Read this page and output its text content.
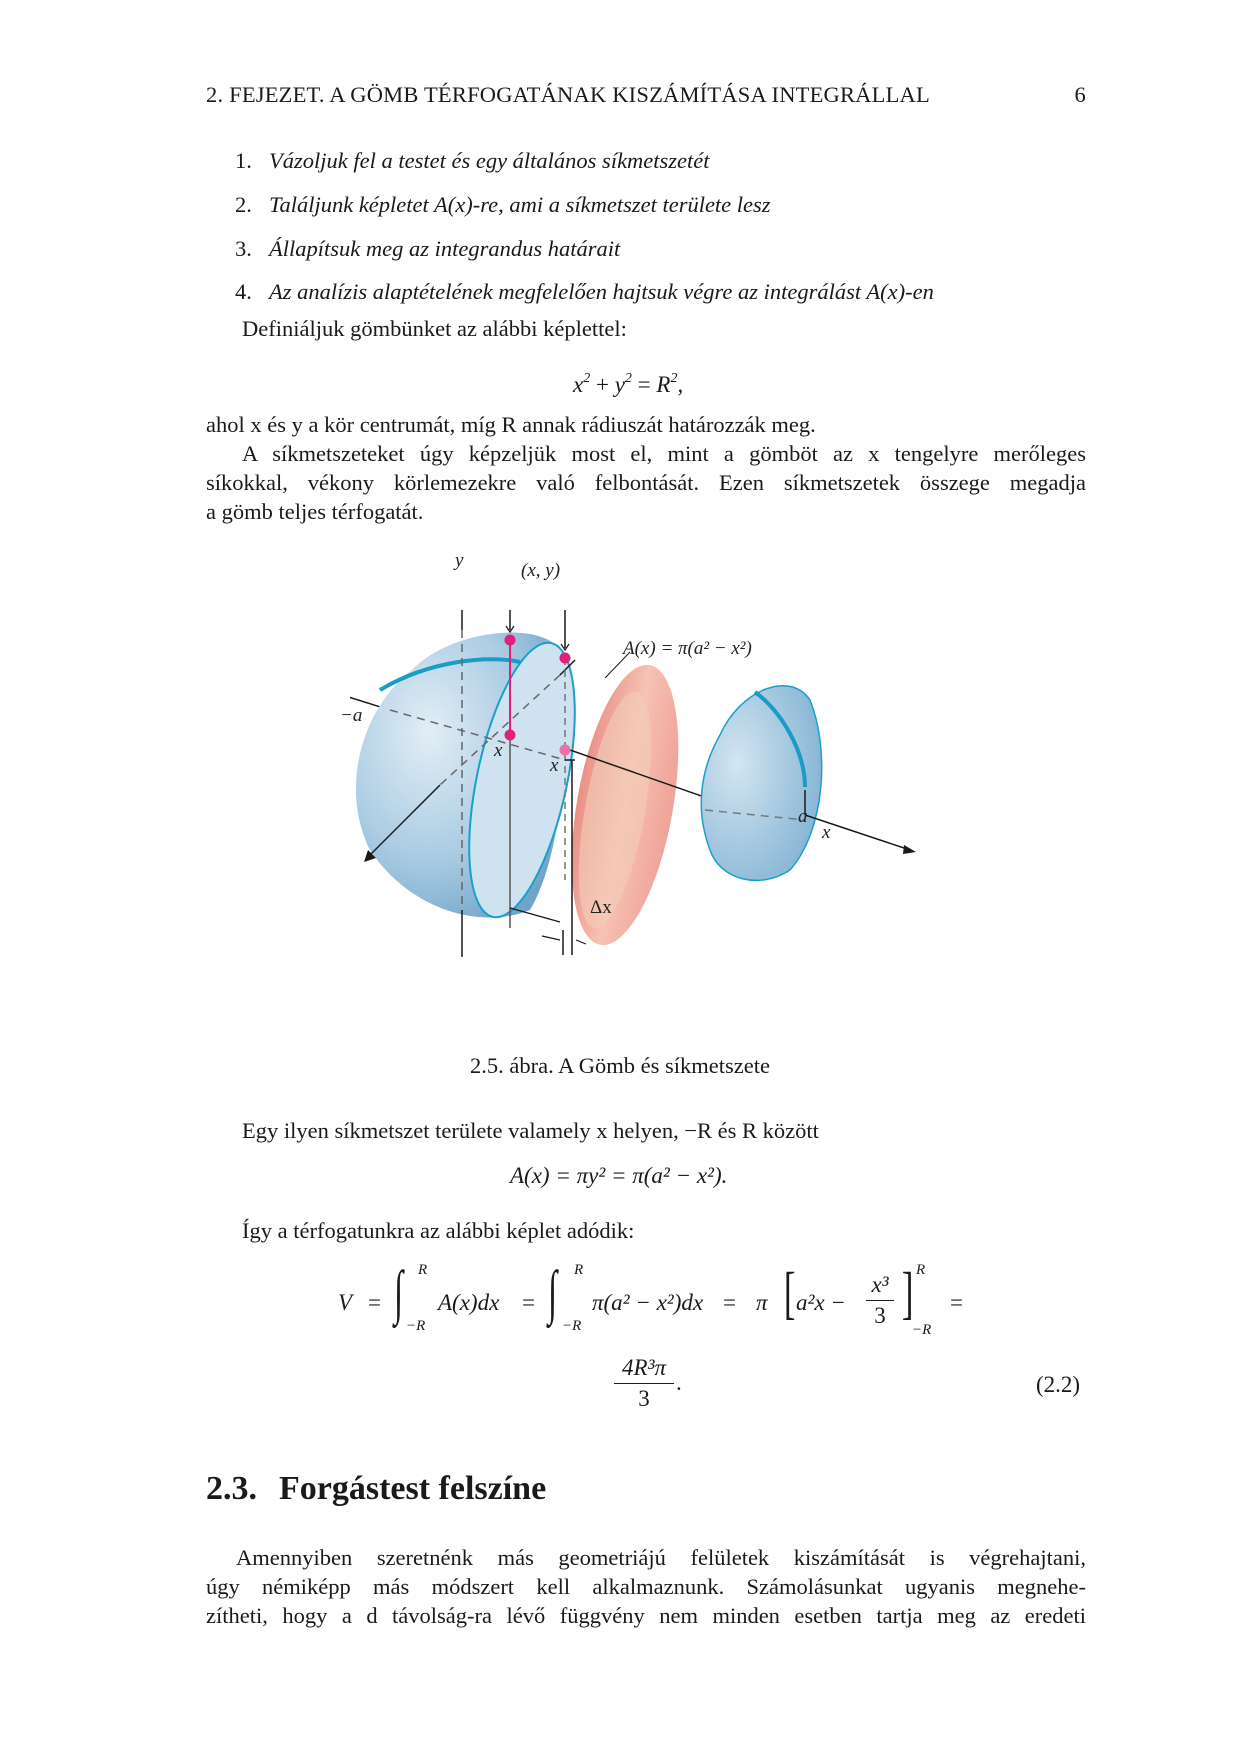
2. FEJEZET. A GÖMB TÉRFOGATÁNAK KISZÁMÍTÁSA INTEGRÁLLAL	6
1. Vázoljuk fel a testet és egy általános síkmetszetét
2. Találjunk képletet A(x)-re, ami a síkmetszet területe lesz
3. Állapítsuk meg az integrandus határait
4. Az analízis alaptételének megfelelően hajtsuk végre az integrálást A(x)-en
Definiáljuk gömbünket az alábbi képlettel:
$x^2 + y^2 = R^2$,
ahol x és y a kör centrumát, míg R annak rádiuszát határozzák meg.
A síkmetszeteket úgy képzeljük most el, mint a gömböt az x tengelyre merőleges
síkokkal, vékony körlemezekre való felbontását. Ezen síkmetszetek összege megadja
a gömb teljes térfogatát.
y	(x, y)
A(x) = π(a² − x²)
−a
x
x
a
x
Δx
2.5. ábra. A Gömb és síkmetszete
Egy ilyen síkmetszet területe valamely x helyen, −R és R között
A(x) = πy² = π(a² − x²).
Így a térfogatunkra az alábbi képlet adódik:
V = ∫ R
−R
A(x)dx = ∫ R
−R
π(a² − x²)dx = π [ a²x −
x³
3 ] R
−R
=
4R³π
3
.	(2.2)
2.3. Forgástest felszíne
Amennyiben szeretnénk más geometriájú felületek kiszámítását is végrehajtani,
úgy némiképp más módszert kell alkalmaznunk. Számolásunkat ugyanis megnehe-
zítheti, hogy a d távolság-ra lévő függvény nem minden esetben tartja meg az eredeti
